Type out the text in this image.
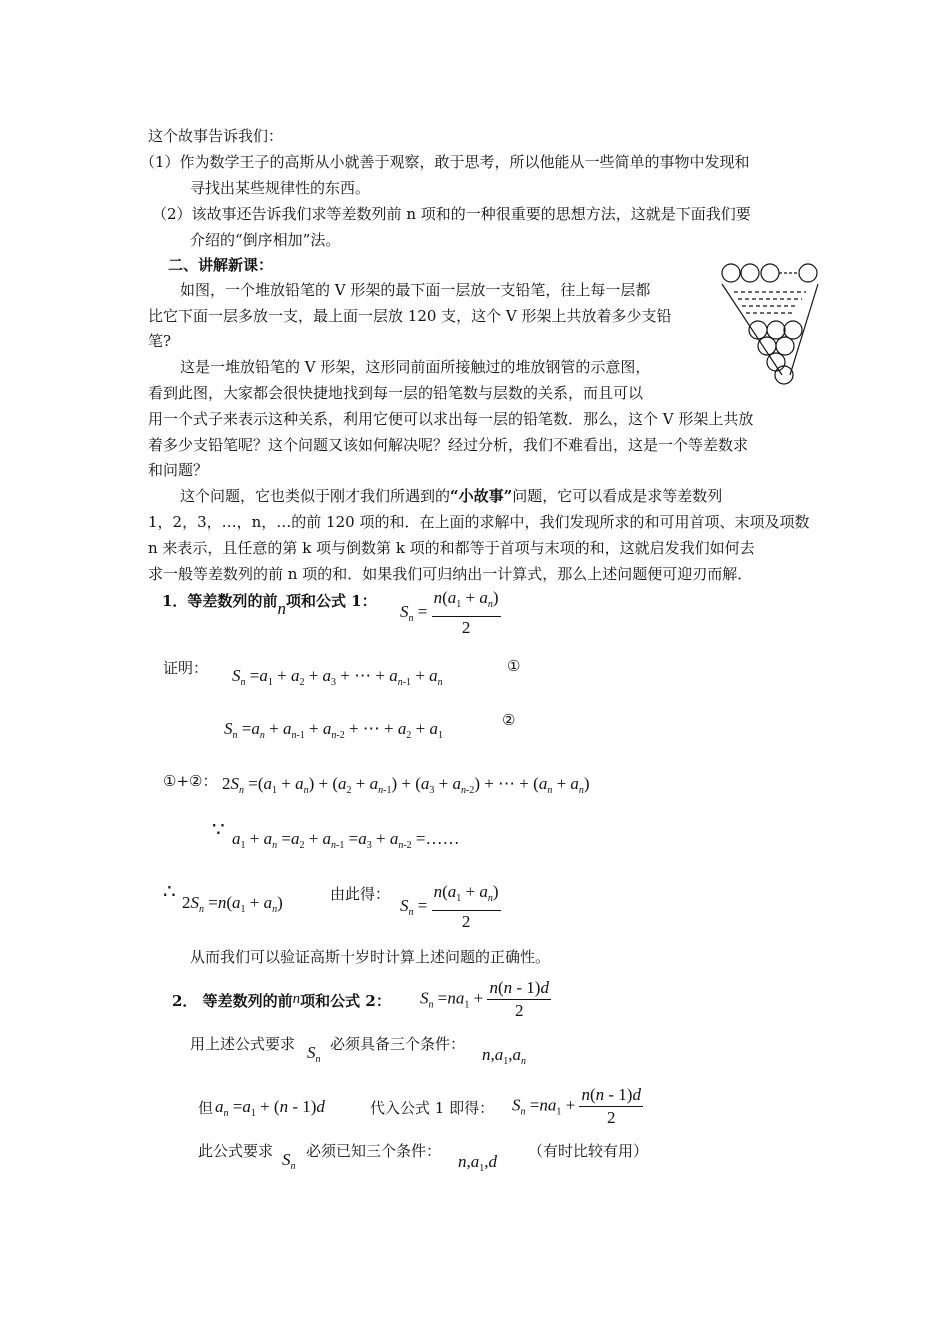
这个故事告诉我们：
（1）作为数学王子的高斯从小就善于观察，敢于思考，所以他能从一些简单的事物中发现和
寻找出某些规律性的东西。
（2）该故事还告诉我们求等差数列前 n 项和的一种很重要的思想方法，这就是下面我们要
介绍的“倒序相加”法。
二、讲解新课：
如图，一个堆放铅笔的 V 形架的最下面一层放一支铅笔，往上每一层都
比它下面一层多放一支，最上面一层放 120 支，这个 V 形架上共放着多少支铅
笔?
这是一堆放铅笔的 V 形架，这形同前面所接触过的堆放钢管的示意图，
看到此图，大家都会很快捷地找到每一层的铅笔数与层数的关系，而且可以
用一个式子来表示这种关系，利用它便可以求出每一层的铅笔数．那么，这个 V 形架上共放
着多少支铅笔呢？这个问题又该如何解决呢？经过分析，我们不难看出，这是一个等差数求
和问题？
这个问题，它也类似于刚才我们所遇到的“小故事”问题，它可以看成是求等差数列
1，2，3，…，n，…的前 120 项的和．在上面的求解中，我们发现所求的和可用首项、末项及项数
n 来表示，且任意的第 k 项与倒数第 k 项的和都等于首项与末项的和，这就启发我们如何去
求一般等差数列的前 n 项的和．如果我们可归纳出一计算式，那么上述问题便可迎刃而解．
1．等差数列的前n项和公式 1：
$S_n = \frac{n(a_1 + a_n)}{2}$
证明： $S_n =a_1 + a_2 + a_3$ + ⋯ + $a_{n-1} + a_n$
①
$S_n =a_n + a_{n-1} + a_{n-2}$ + ⋯ + $a_2 + a_1$
②
①+②： $2S_n =(a_1 + a_n) + (a_2 + a_{n-1}) + (a_3 + a_{n-2})$ + ⋯ + $(a_n + a_n)$
∵ $a_1 + a_n =a_2 + a_{n-1} =a_3 + a_{n-2}$ =……
∴ $2S_n =n(a_1 + a_n)$	由此得：
$S_n = \frac{n(a_1 + a_n)}{2}$
从而我们可以验证高斯十岁时计算上述问题的正确性。
2． 等差数列的前n项和公式 2： $S_n =na_1 + \frac{n(n - 1)d}{2}$
用上述公式要求 $S_n$
必须具备三个条件：
$n,a_1,a_n$
但 $a_n =a_1 + (n - 1)d$	代入公式 1 即得： $S_n =na_1 + \frac{n(n - 1)d}{2}$
此公式要求 $S_n$
必须已知三个条件：
$n,a_1,d$
（有时比较有用）
